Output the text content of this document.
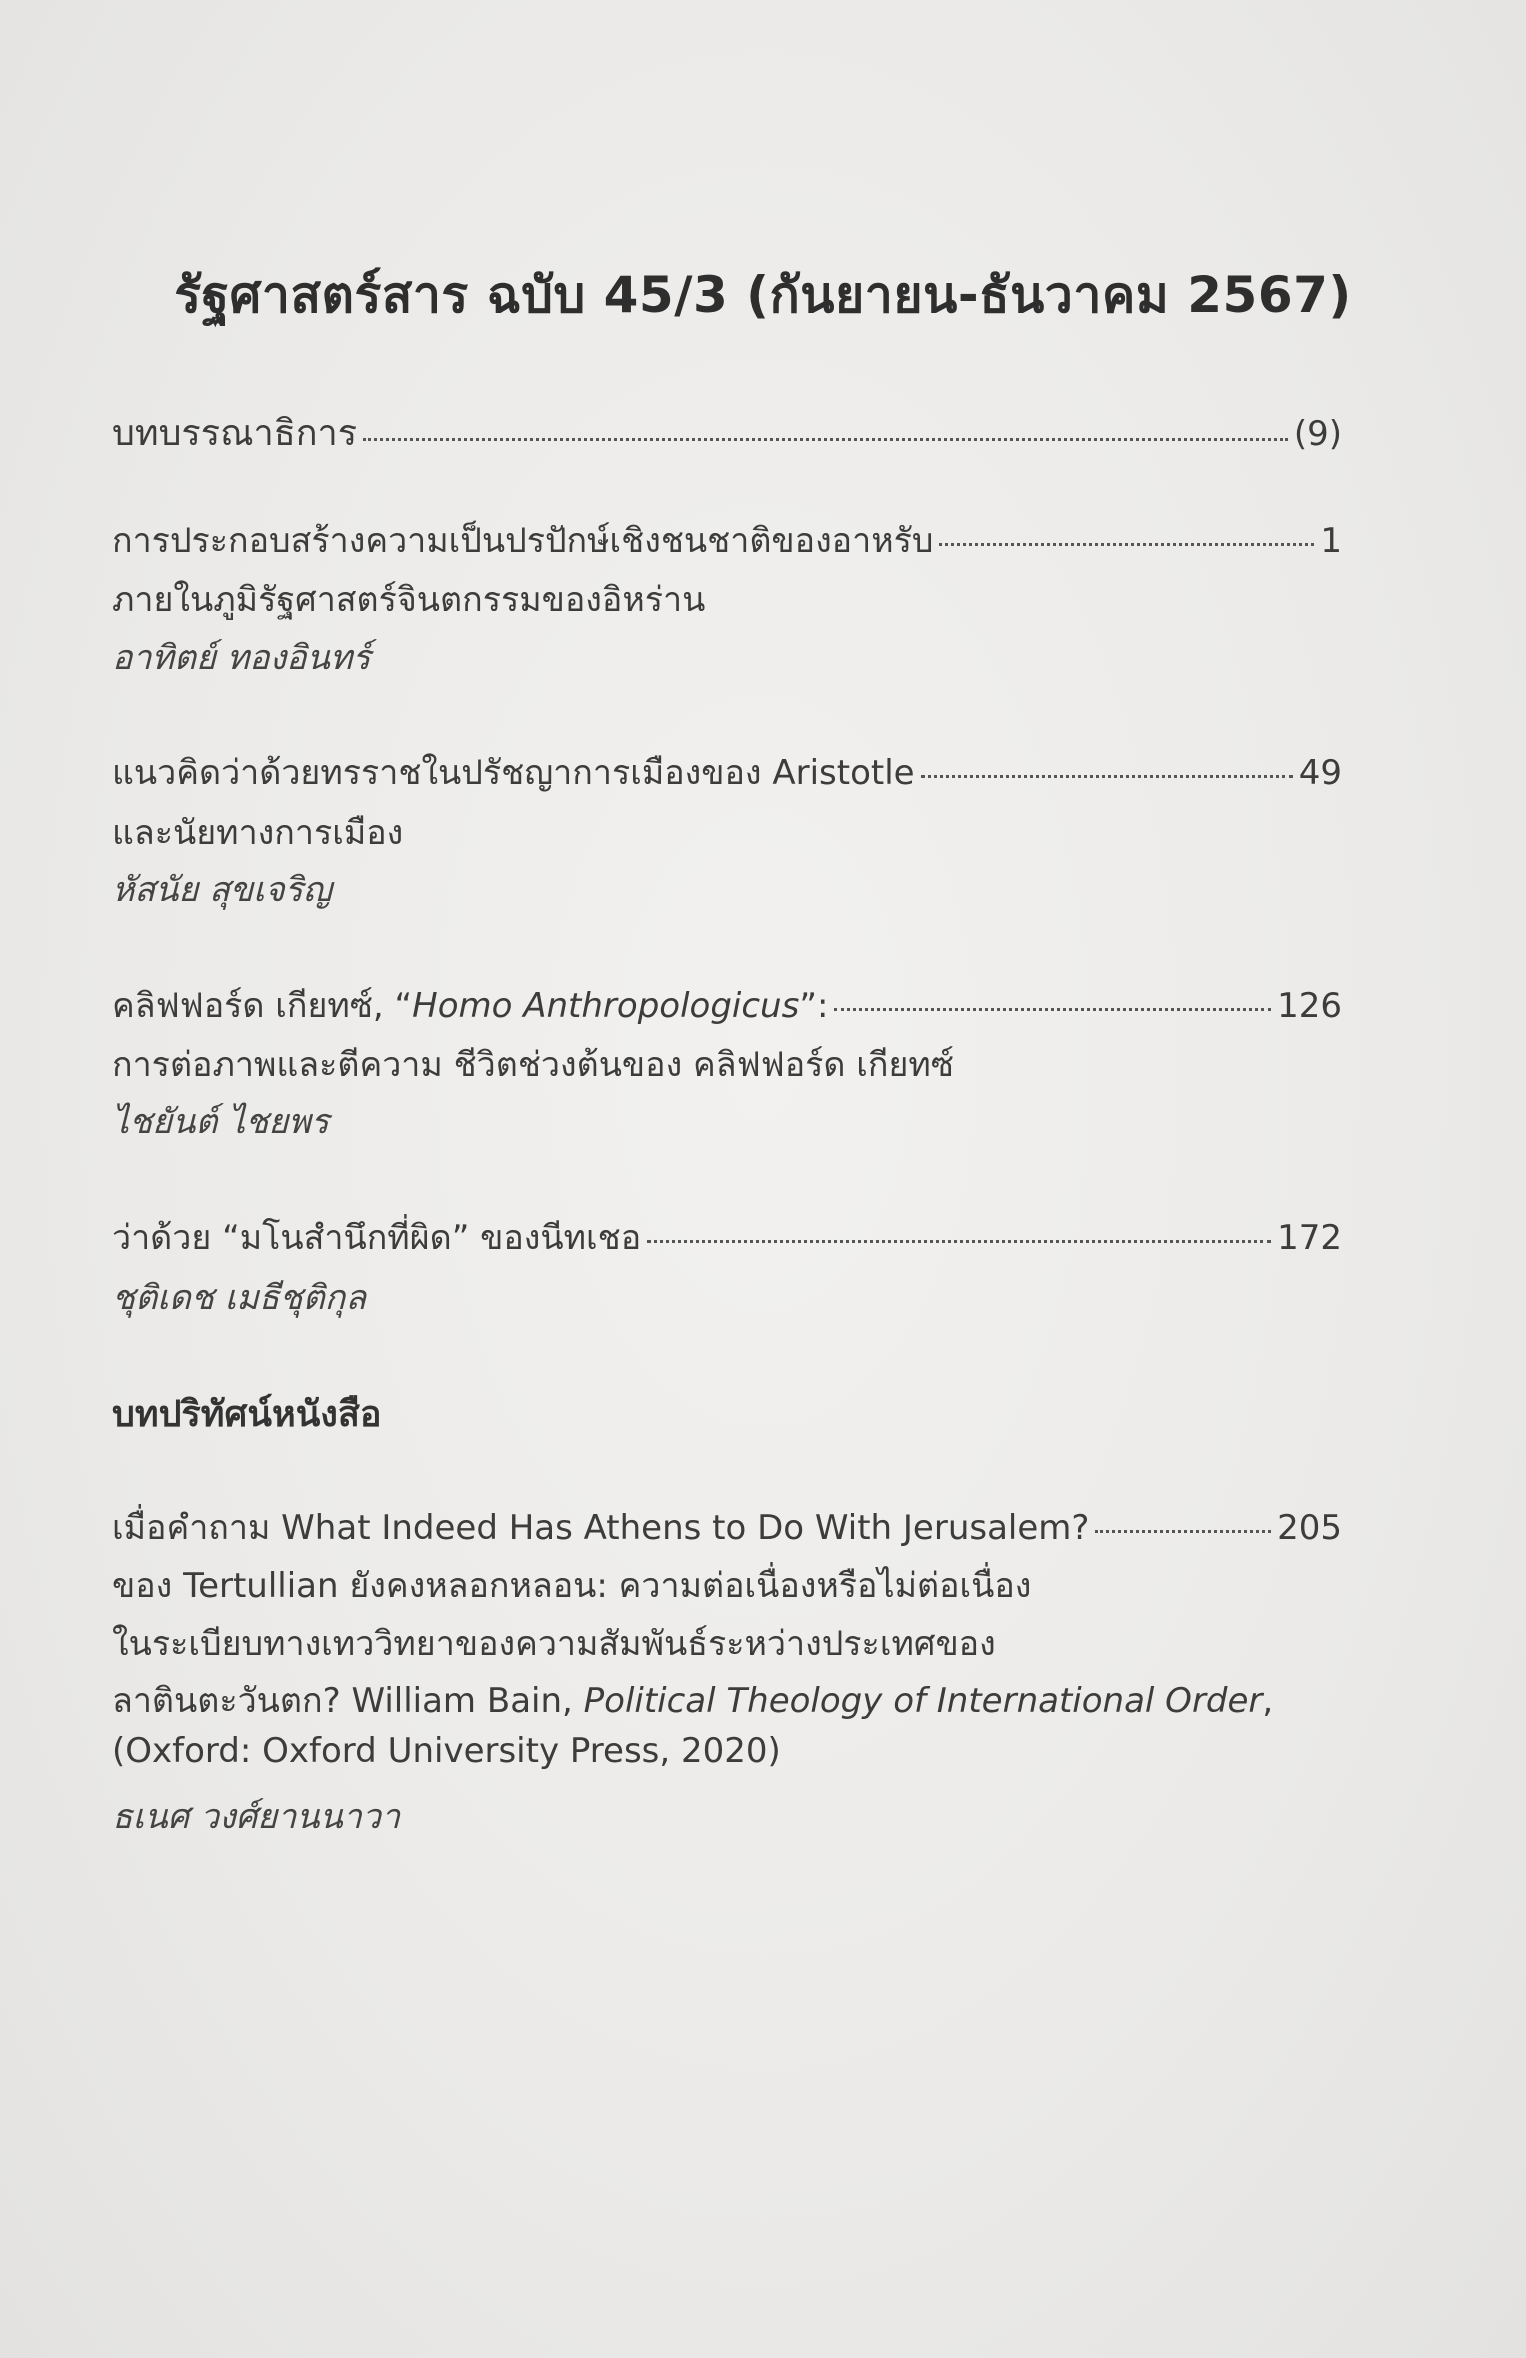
รัฐศาสตร์สาร ฉบับ 45/3 (กันยายน-ธันวาคม 2567)
บทบรรณาธิการ	(9)
การประกอบสร้างความเป็นปรปักษ์เชิงชนชาติของอาหรับ	1
ภายในภูมิรัฐศาสตร์จินตกรรมของอิหร่าน
อาทิตย์ ทองอินทร์
แนวคิดว่าด้วยทรราชในปรัชญาการเมืองของ Aristotle	49
และนัยทางการเมือง
หัสนัย สุขเจริญ
คลิฟฟอร์ด เกียทซ์, “Homo Anthropologicus”:	126
การต่อภาพและตีความ ชีวิตช่วงต้นของ คลิฟฟอร์ด เกียทซ์
ไชยันต์ ไชยพร
ว่าด้วย “มโนสำนึกที่ผิด” ของนีทเชอ	172
ชุติเดช เมธีชุติกุล
บทปริทัศน์หนังสือ
เมื่อคำถาม What Indeed Has Athens to Do With Jerusalem?	205
ของ Tertullian ยังคงหลอกหลอน: ความต่อเนื่องหรือไม่ต่อเนื่อง
ในระเบียบทางเทววิทยาของความสัมพันธ์ระหว่างประเทศของ
ลาตินตะวันตก? William Bain, Political Theology of International Order,
(Oxford: Oxford University Press, 2020)
ธเนศ วงศ์ยานนาวา
